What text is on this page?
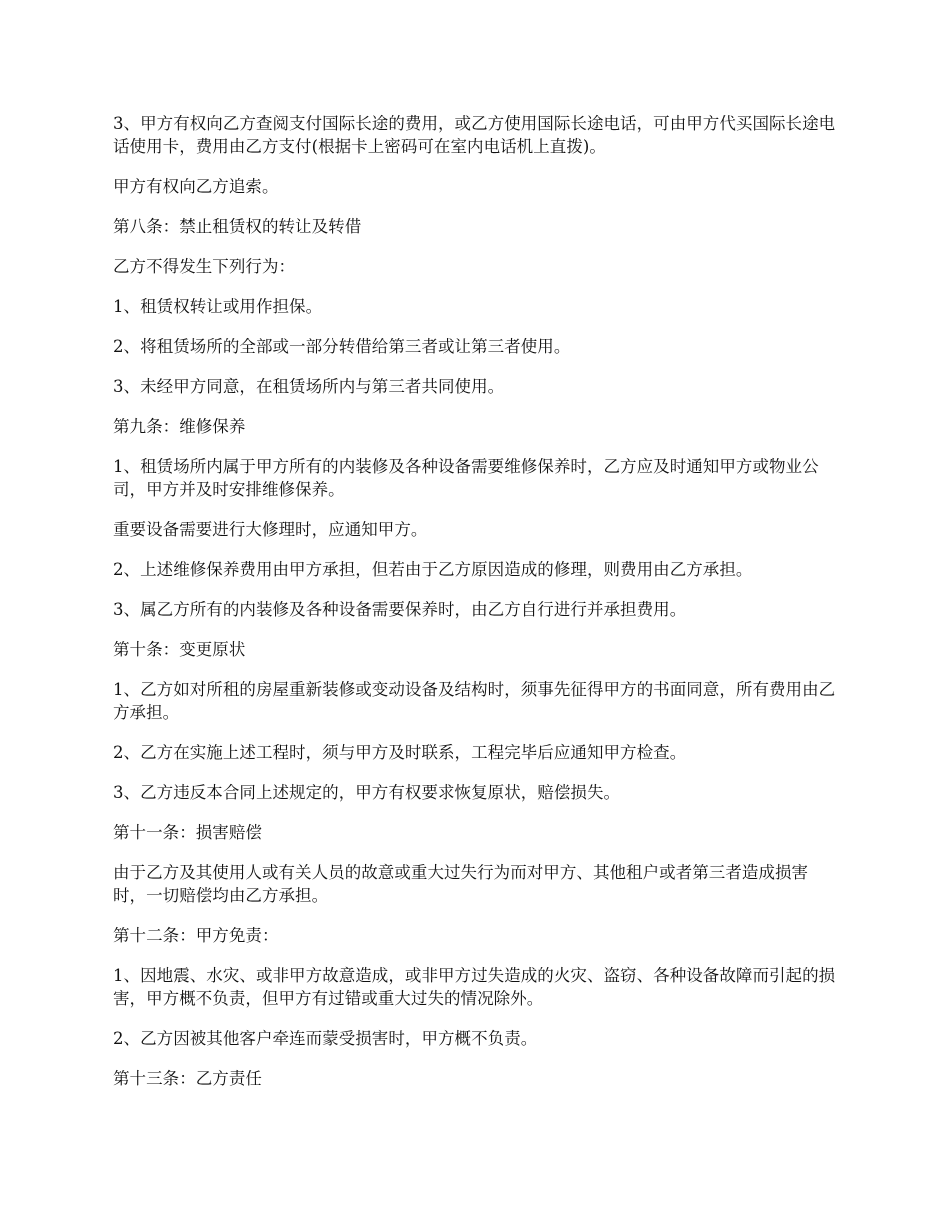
3、甲方有权向乙方查阅支付国际长途的费用，或乙方使用国际长途电话，可由甲方代买国际长途电话使用卡，费用由乙方支付(根据卡上密码可在室内电话机上直拨)。

甲方有权向乙方追索。

第八条：禁止租赁权的转让及转借

乙方不得发生下列行为：

1、租赁权转让或用作担保。

2、将租赁场所的全部或一部分转借给第三者或让第三者使用。

3、未经甲方同意，在租赁场所内与第三者共同使用。

第九条：维修保养

1、租赁场所内属于甲方所有的内装修及各种设备需要维修保养时，乙方应及时通知甲方或物业公司，甲方并及时安排维修保养。

重要设备需要进行大修理时，应通知甲方。

2、上述维修保养费用由甲方承担，但若由于乙方原因造成的修理，则费用由乙方承担。

3、属乙方所有的内装修及各种设备需要保养时，由乙方自行进行并承担费用。

第十条：变更原状

1、乙方如对所租的房屋重新装修或变动设备及结构时，须事先征得甲方的书面同意，所有费用由乙方承担。

2、乙方在实施上述工程时，须与甲方及时联系，工程完毕后应通知甲方检查。

3、乙方违反本合同上述规定的，甲方有权要求恢复原状，赔偿损失。

第十一条：损害赔偿

由于乙方及其使用人或有关人员的故意或重大过失行为而对甲方、其他租户或者第三者造成损害时，一切赔偿均由乙方承担。

第十二条：甲方免责：

1、因地震、水灾、或非甲方故意造成，或非甲方过失造成的火灾、盗窃、各种设备故障而引起的损害，甲方概不负责，但甲方有过错或重大过失的情况除外。

2、乙方因被其他客户牵连而蒙受损害时，甲方概不负责。

第十三条：乙方责任
